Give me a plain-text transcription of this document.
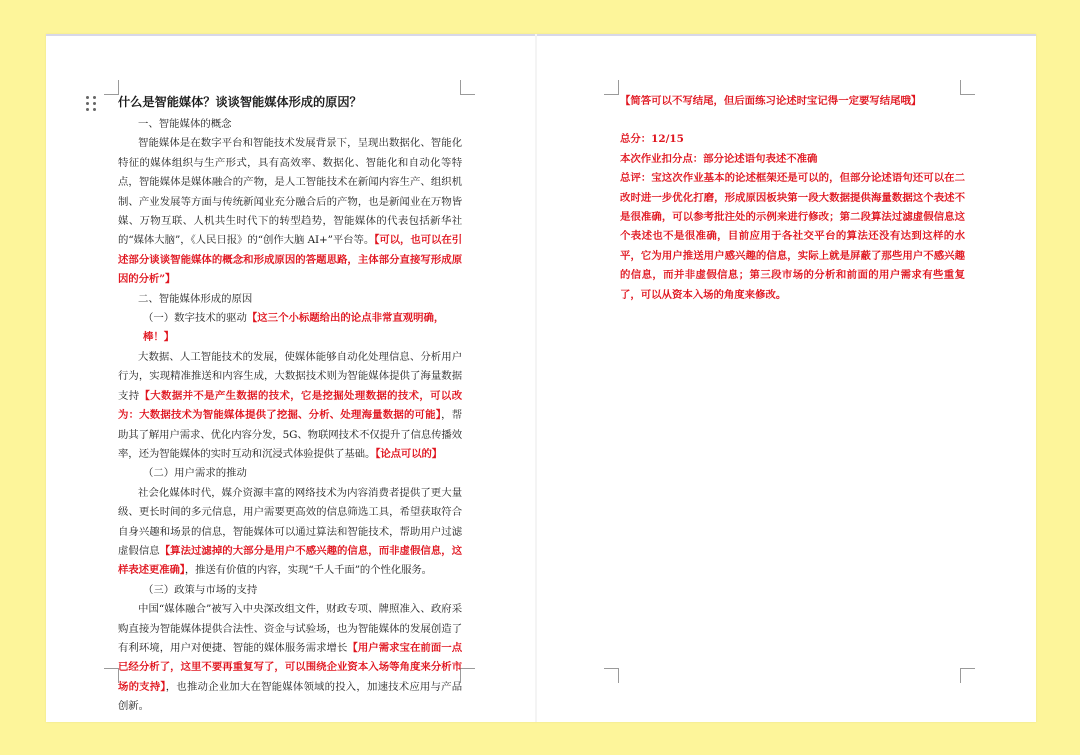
什么是智能媒体？谈谈智能媒体形成的原因？

一、智能媒体的概念

智能媒体是在数字平台和智能技术发展背景下，呈现出数据化、智能化特征的媒体组织与生产形式，具有高效率、数据化、智能化和自动化等特点，智能媒体是媒体融合的产物，是人工智能技术在新闻内容生产、组织机制、产业发展等方面与传统新闻业充分融合后的产物，也是新闻业在万物皆媒、万物互联、人机共生时代下的转型趋势，智能媒体的代表包括新华社的“媒体大脑”，《人民日报》的“创作大脑 AI+”平台等。【可以，也可以在引述部分谈谈智能媒体的概念和形成原因的答题思路，主体部分直接写形成原因的分析”】

二、智能媒体形成的原因

（一）数字技术的驱动【这三个小标题给出的论点非常直观明确，棒！】

大数据、人工智能技术的发展，使媒体能够自动化处理信息、分析用户行为，实现精准推送和内容生成，大数据技术则为智能媒体提供了海量数据支持【大数据并不是产生数据的技术，它是挖掘处理数据的技术，可以改为：大数据技术为智能媒体提供了挖掘、分析、处理海量数据的可能】，帮助其了解用户需求、优化内容分发，5G、物联网技术不仅提升了信息传播效率，还为智能媒体的实时互动和沉浸式体验提供了基础。【论点可以的】

（二）用户需求的推动

社会化媒体时代，媒介资源丰富的网络技术为内容消费者提供了更大量级、更长时间的多元信息，用户需要更高效的信息筛选工具，希望获取符合自身兴趣和场景的信息，智能媒体可以通过算法和智能技术，帮助用户过滤虚假信息【算法过滤掉的大部分是用户不感兴趣的信息，而非虚假信息，这样表述更准确】，推送有价值的内容，实现“千人千面”的个性化服务。

（三）政策与市场的支持

中国“媒体融合”被写入中央深改组文件，财政专项、牌照准入、政府采购直接为智能媒体提供合法性、资金与试验场，也为智能媒体的发展创造了有利环境，用户对便捷、智能的媒体服务需求增长【用户需求宝在前面一点已经分析了，这里不要再重复写了，可以围绕企业资本入场等角度来分析市场的支持】，也推动企业加大在智能媒体领域的投入，加速技术应用与产品创新。

【简答可以不写结尾，但后面练习论述时宝记得一定要写结尾哦】

总分：12/15

本次作业扣分点：部分论述语句表述不准确

总评：宝这次作业基本的论述框架还是可以的，但部分论述语句还可以在二改时进一步优化打磨，形成原因板块第一段大数据提供海量数据这个表述不是很准确，可以参考批注处的示例来进行修改；第二段算法过滤虚假信息这个表述也不是很准确，目前应用于各社交平台的算法还没有达到这样的水平，它为用户推送用户感兴趣的信息，实际上就是屏蔽了那些用户不感兴趣的信息，而并非虚假信息；第三段市场的分析和前面的用户需求有些重复了，可以从资本入场的角度来修改。
